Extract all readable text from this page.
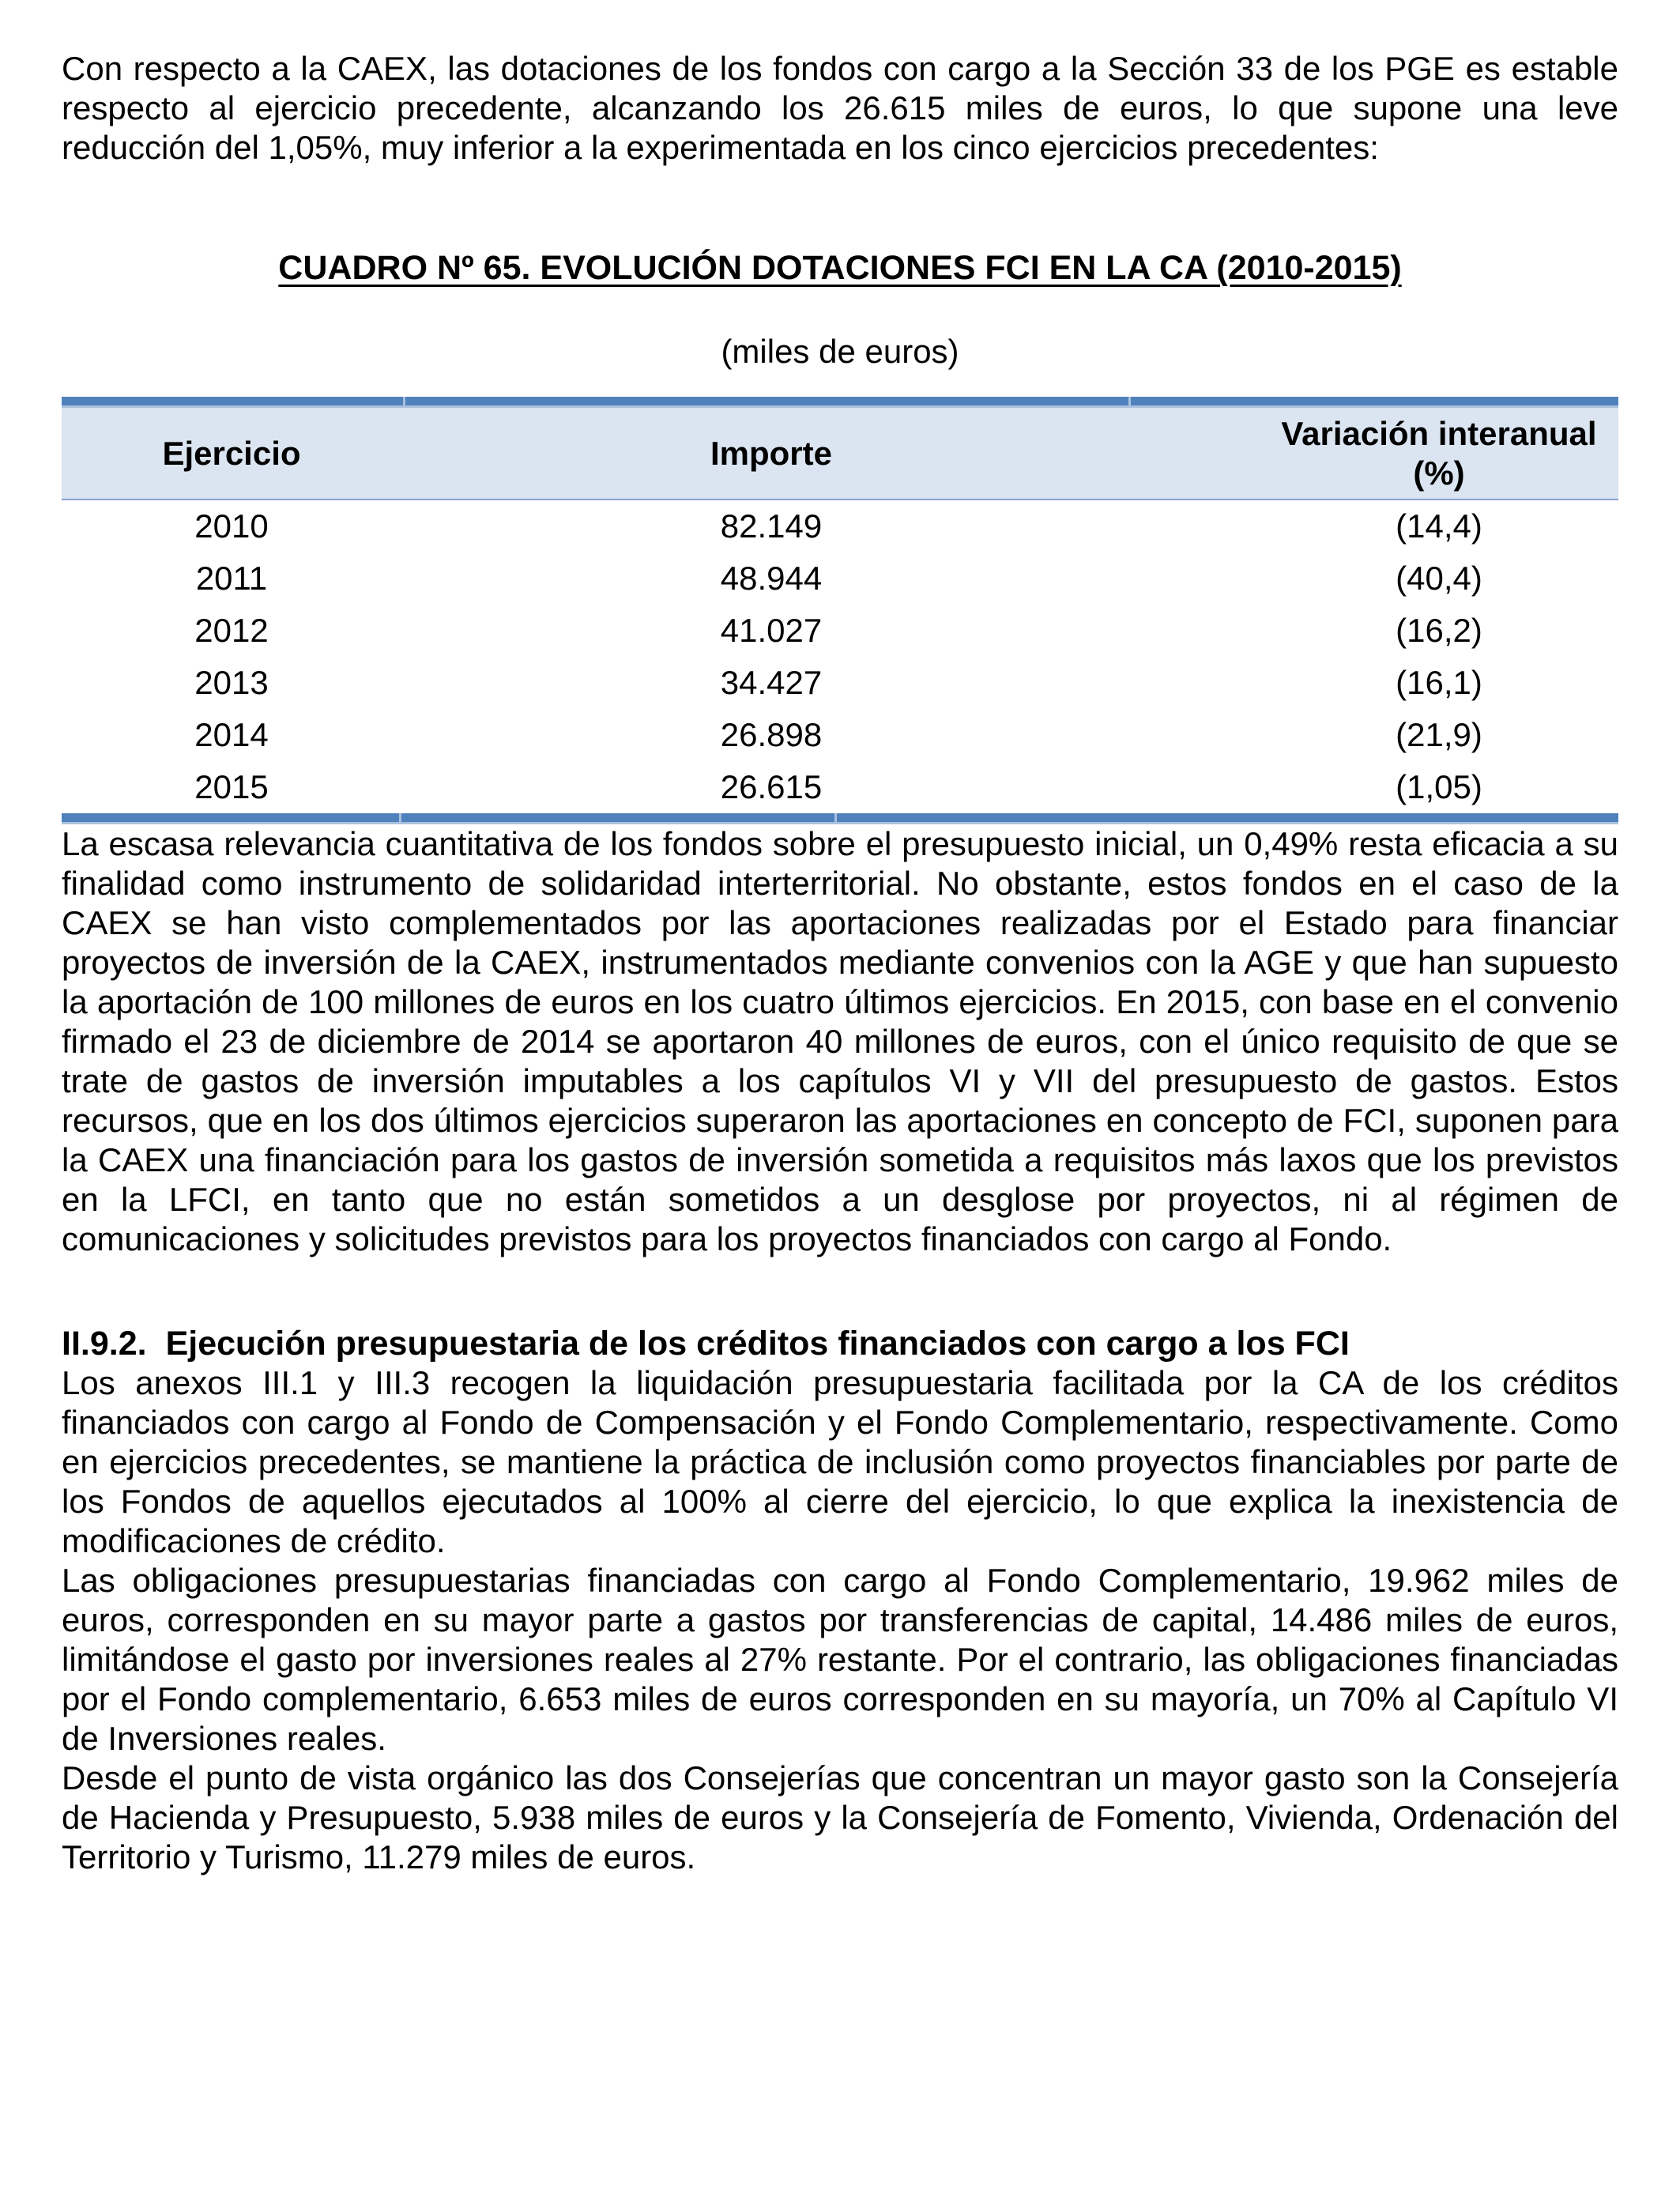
Con respecto a la CAEX, las dotaciones de los fondos con cargo a la Sección 33 de los PGE es estable respecto al ejercicio precedente, alcanzando los 26.615 miles de euros, lo que supone una leve reducción del 1,05%, muy inferior a la experimentada en los cinco ejercicios precedentes:

CUADRO Nº 65. EVOLUCIÓN DOTACIONES FCI EN LA CA (2010-2015)
(miles de euros)
Ejercicio	Importe	Variación interanual
(%)

2010	82.149	(14,4)
2011	48.944	(40,4)
2012	41.027	(16,2)
2013	34.427	(16,1)
2014	26.898	(21,9)
2015	26.615	(1,05)

La escasa relevancia cuantitativa de los fondos sobre el presupuesto inicial, un 0,49% resta eficacia a su finalidad como instrumento de solidaridad interterritorial. No obstante, estos fondos en el caso de la CAEX se han visto complementados por las aportaciones realizadas por el Estado para financiar proyectos de inversión de la CAEX, instrumentados mediante convenios con la AGE y que han supuesto la aportación de 100 millones de euros en los cuatro últimos ejercicios. En 2015, con base en el convenio firmado el 23 de diciembre de 2014 se aportaron 40 millones de euros, con el único requisito de que se trate de gastos de inversión imputables a los capítulos VI y VII del presupuesto de gastos. Estos recursos, que en los dos últimos ejercicios superaron las aportaciones en concepto de FCI, suponen para la CAEX una financiación para los gastos de inversión sometida a requisitos más laxos que los previstos en la LFCI, en tanto que no están sometidos a un desglose por proyectos, ni al régimen de comunicaciones y solicitudes previstos para los proyectos financiados con cargo al Fondo.

II.9.2. Ejecución presupuestaria de los créditos financiados con cargo a los FCI

Los anexos III.1 y III.3 recogen la liquidación presupuestaria facilitada por la CA de los créditos financiados con cargo al Fondo de Compensación y el Fondo Complementario, respectivamente. Como en ejercicios precedentes, se mantiene la práctica de inclusión como proyectos financiables por parte de los Fondos de aquellos ejecutados al 100% al cierre del ejercicio, lo que explica la inexistencia de modificaciones de crédito.

Las obligaciones presupuestarias financiadas con cargo al Fondo Complementario, 19.962 miles de euros, corresponden en su mayor parte a gastos por transferencias de capital, 14.486 miles de euros, limitándose el gasto por inversiones reales al 27% restante. Por el contrario, las obligaciones financiadas por el Fondo complementario, 6.653 miles de euros corresponden en su mayoría, un 70% al Capítulo VI de Inversiones reales.

Desde el punto de vista orgánico las dos Consejerías que concentran un mayor gasto son la Consejería de Hacienda y Presupuesto, 5.938 miles de euros y la Consejería de Fomento, Vivienda, Ordenación del Territorio y Turismo, 11.279 miles de euros.
